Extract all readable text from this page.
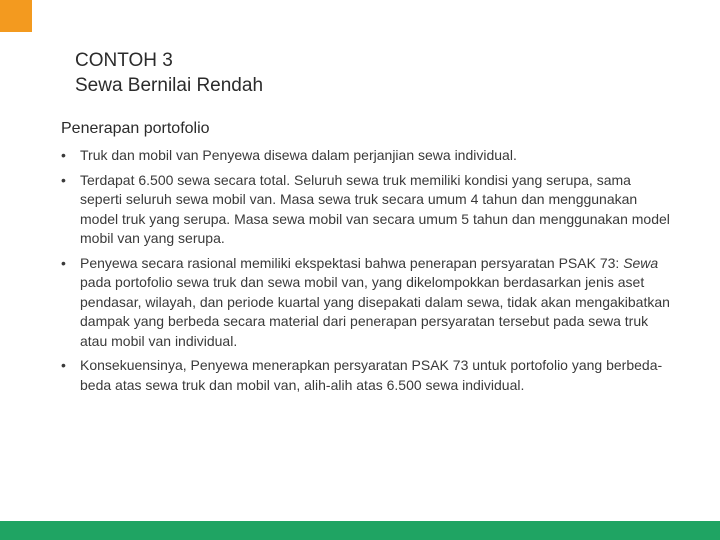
CONTOH 3
Sewa Bernilai Rendah
Penerapan portofolio
• Truk dan mobil van Penyewa disewa dalam perjanjian sewa individual.
• Terdapat 6.500 sewa secara total. Seluruh sewa truk memiliki kondisi yang serupa, sama seperti seluruh sewa mobil van. Masa sewa truk secara umum 4 tahun dan menggunakan model truk yang serupa. Masa sewa mobil van secara umum 5 tahun dan menggunakan model mobil van yang serupa.
• Penyewa secara rasional memiliki ekspektasi bahwa penerapan persyaratan PSAK 73: Sewa pada portofolio sewa truk dan sewa mobil van, yang dikelompokkan berdasarkan jenis aset pendasar, wilayah, dan periode kuartal yang disepakati dalam sewa, tidak akan mengakibatkan dampak yang berbeda secara material dari penerapan persyaratan tersebut pada sewa truk atau mobil van individual.
• Konsekuensinya, Penyewa menerapkan persyaratan PSAK 73 untuk portofolio yang berbeda-beda atas sewa truk dan mobil van, alih-alih atas 6.500 sewa individual.
